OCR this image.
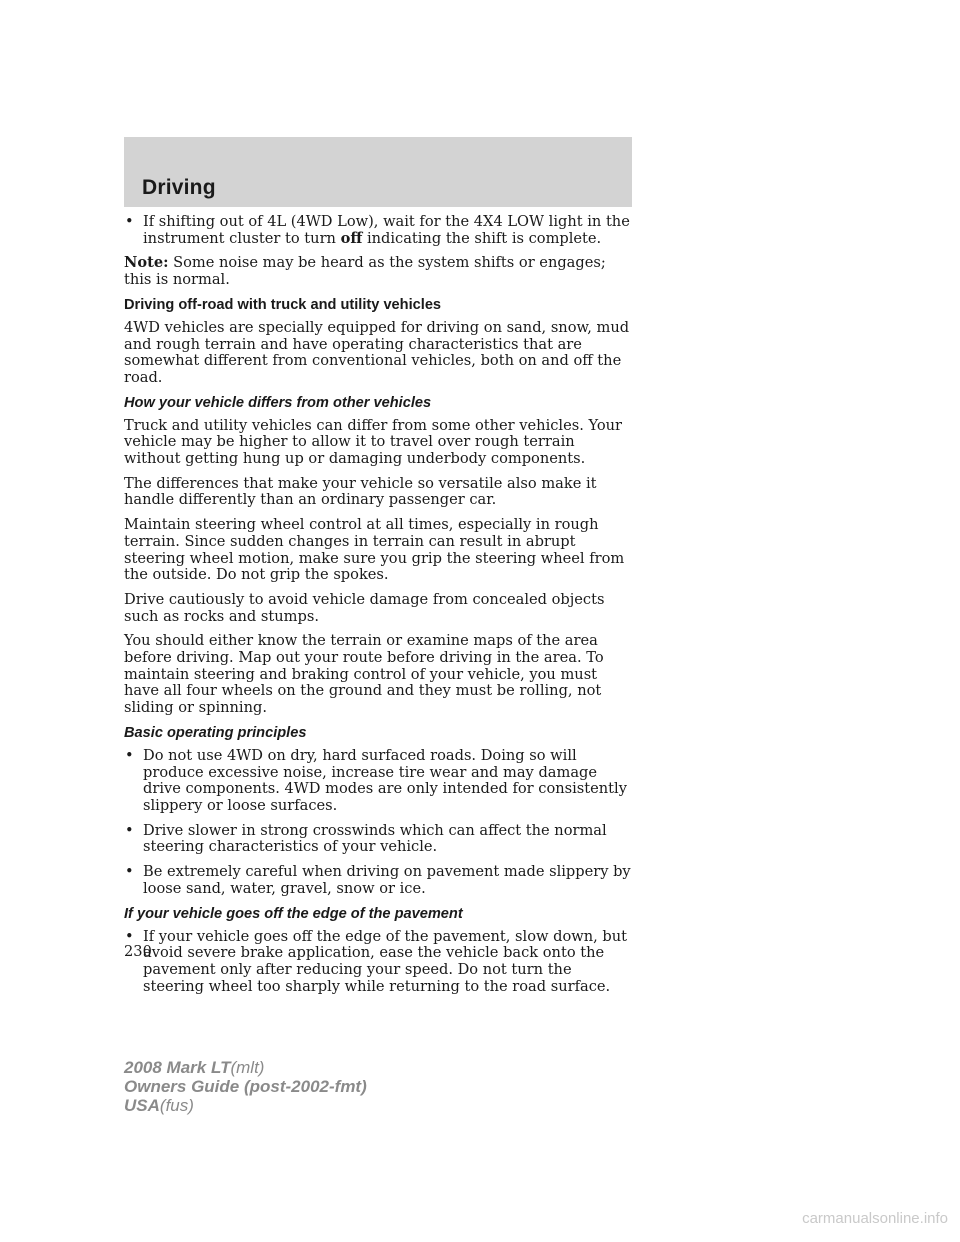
Driving
• If shifting out of 4L (4WD Low), wait for the 4X4 LOW light in the instrument cluster to turn off indicating the shift is complete.

Note: Some noise may be heard as the system shifts or engages; this is normal.

Driving off-road with truck and utility vehicles

4WD vehicles are specially equipped for driving on sand, snow, mud and rough terrain and have operating characteristics that are somewhat different from conventional vehicles, both on and off the road.

How your vehicle differs from other vehicles

Truck and utility vehicles can differ from some other vehicles. Your vehicle may be higher to allow it to travel over rough terrain without getting hung up or damaging underbody components.

The differences that make your vehicle so versatile also make it handle differently than an ordinary passenger car.

Maintain steering wheel control at all times, especially in rough terrain. Since sudden changes in terrain can result in abrupt steering wheel motion, make sure you grip the steering wheel from the outside. Do not grip the spokes.

Drive cautiously to avoid vehicle damage from concealed objects such as rocks and stumps.

You should either know the terrain or examine maps of the area before driving. Map out your route before driving in the area. To maintain steering and braking control of your vehicle, you must have all four wheels on the ground and they must be rolling, not sliding or spinning.

Basic operating principles
• Do not use 4WD on dry, hard surfaced roads. Doing so will produce excessive noise, increase tire wear and may damage drive components. 4WD modes are only intended for consistently slippery or loose surfaces.
• Drive slower in strong crosswinds which can affect the normal steering characteristics of your vehicle.
• Be extremely careful when driving on pavement made slippery by loose sand, water, gravel, snow or ice.
If your vehicle goes off the edge of the pavement
• If your vehicle goes off the edge of the pavement, slow down, but avoid severe brake application, ease the vehicle back onto the pavement only after reducing your speed. Do not turn the steering wheel too sharply while returning to the road surface.
230
2008 Mark LT(mlt)
Owners Guide (post-2002-fmt)
USA(fus)
carmanualsonline.info
